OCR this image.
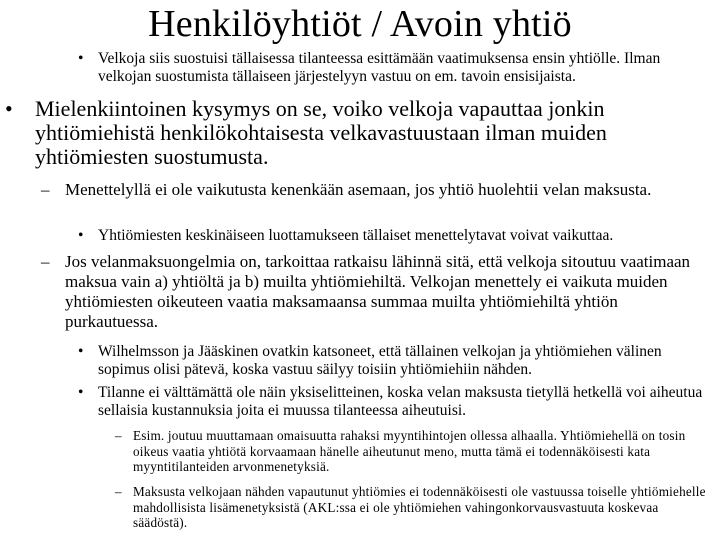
Henkilöyhtiöt / Avoin yhtiö
• Velkoja siis suostuisi tällaisessa tilanteessa esittämään vaatimuksensa ensin yhtiölle. Ilman velkojan suostumista tällaiseen järjestelyyn vastuu on em. tavoin ensisijaista.
• Mielenkiintoinen kysymys on se, voiko velkoja vapauttaa jonkin yhtiömiehistä henkilökohtaisesta velkavastuustaan ilman muiden yhtiömiesten suostumusta.
– Menettelyllä ei ole vaikutusta kenenkään asemaan, jos yhtiö huolehtii velan maksusta.
• Yhtiömiesten keskinäiseen luottamukseen tällaiset menettelytavat voivat vaikuttaa.
– Jos velanmaksuongelmia on, tarkoittaa ratkaisu lähinnä sitä, että velkoja sitoutuu vaatimaan maksua vain a) yhtiöltä ja b) muilta yhtiömiehiltä. Velkojan menettely ei vaikuta muiden yhtiömiesten oikeuteen vaatia maksamaansa summaa muilta yhtiömiehiltä yhtiön purkautuessa.
• Wilhelmsson ja Jääskinen ovatkin katsoneet, että tällainen velkojan ja yhtiömiehen välinen sopimus olisi pätevä, koska vastuu säilyy toisiin yhtiömiehiin nähden.
• Tilanne ei välttämättä ole näin yksiselitteinen, koska velan maksusta tietyllä hetkellä voi aiheutua sellaisia kustannuksia joita ei muussa tilanteessa aiheutuisi.
– Esim. joutuu muuttamaan omaisuutta rahaksi myyntihintojen ollessa alhaalla. Yhtiömiehellä on tosin oikeus vaatia yhtiötä korvaamaan hänelle aiheutunut meno, mutta tämä ei todennäköisesti kata myyntitilanteiden arvonmenetyksiä.
– Maksusta velkojaan nähden vapautunut yhtiömies ei todennäköisesti ole vastuussa toiselle yhtiömiehelle mahdollisista lisämenetyksistä (AKL:ssa ei ole yhtiömiehen vahingonkorvausvastuuta koskevaa säädöstä).
